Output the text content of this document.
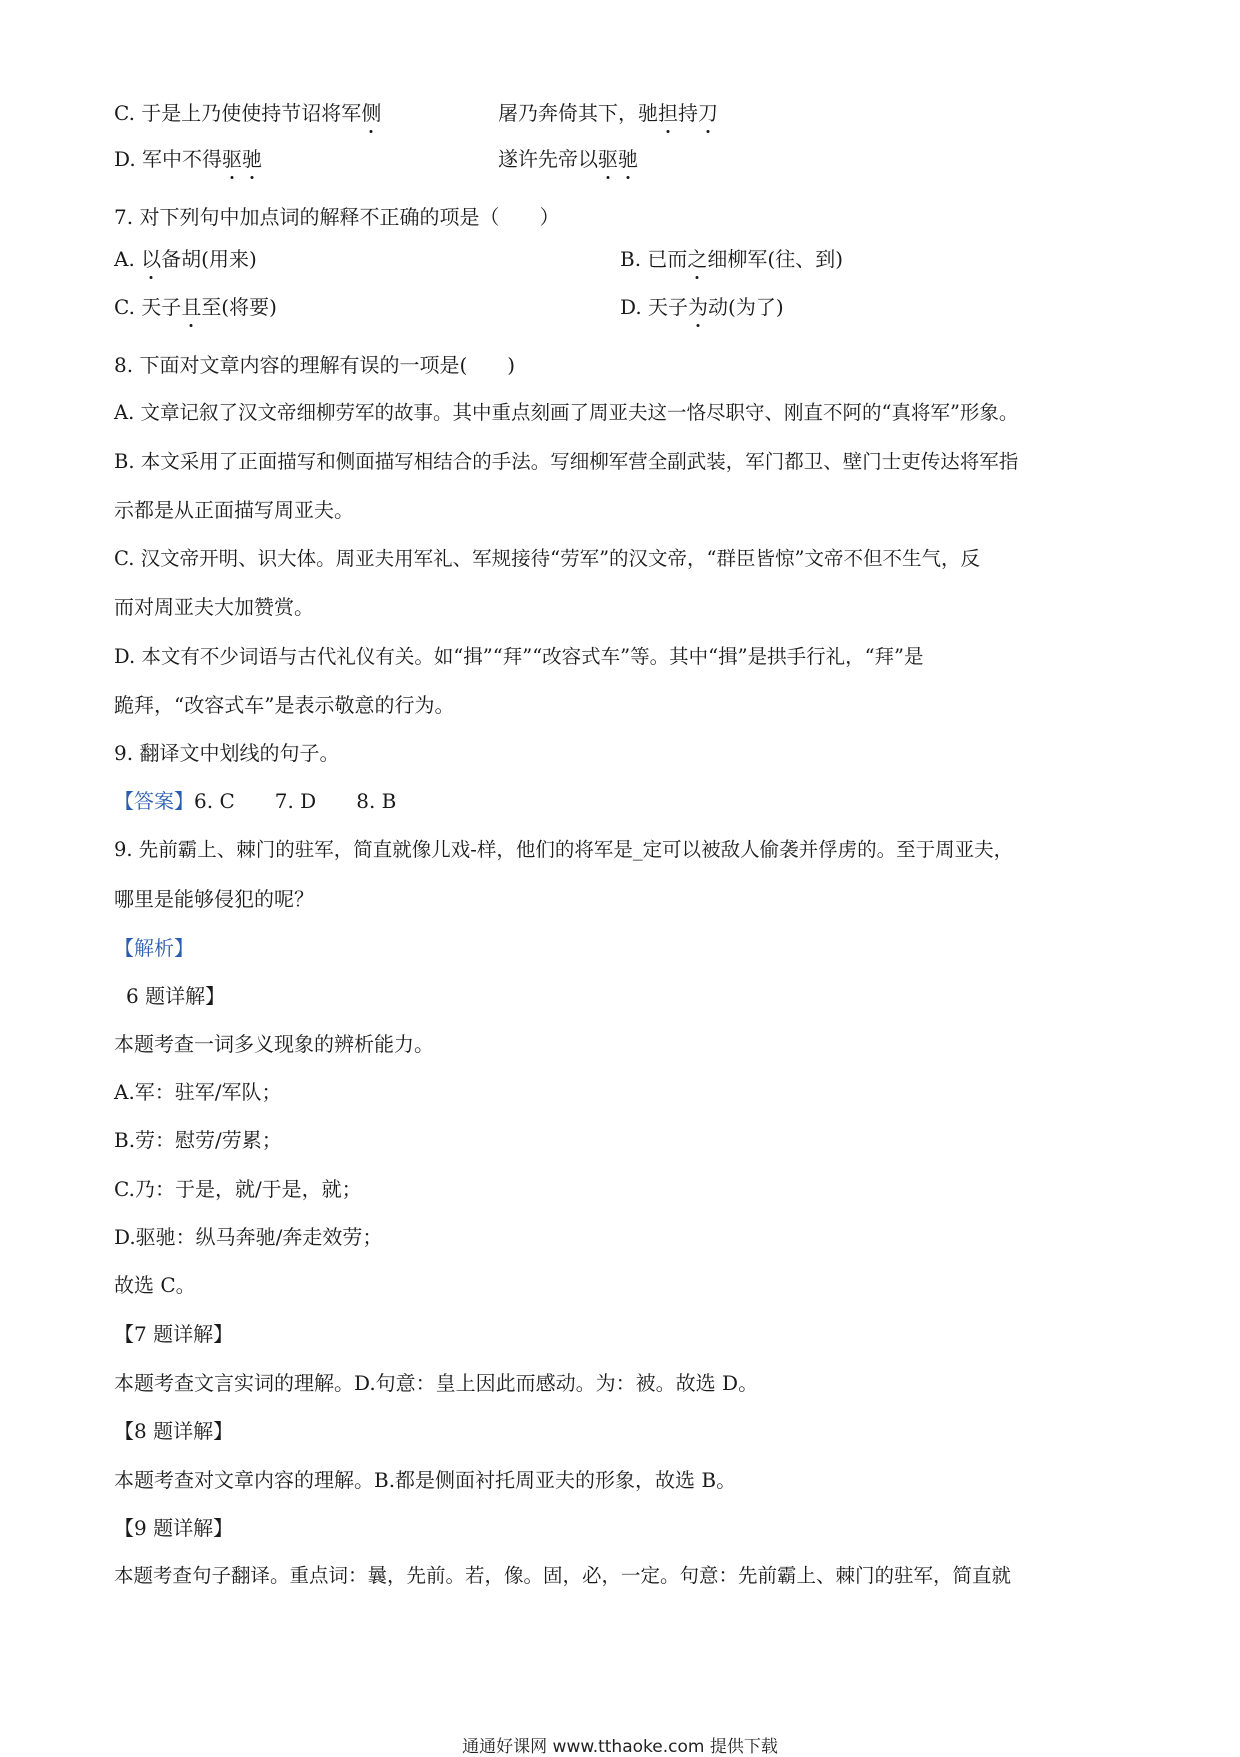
C. 于是上乃使使持节诏将军侧	屠乃奔倚其下，驰担持刀
D. 军中不得驱驰	遂许先帝以驱驰
7. 对下列句中加点词的解释不正确的项是（　　）
A. 以备胡(用来)	B. 已而之细柳军(往、到)
C. 天子且至(将要)	D. 天子为动(为了)
8. 下面对文章内容的理解有误的一项是(　　)
A. 文章记叙了汉文帝细柳劳军的故事。其中重点刻画了周亚夫这一恪尽职守、刚直不阿的“真将军”形象。
B. 本文采用了正面描写和侧面描写相结合的手法。写细柳军营全副武装，军门都卫、壁门士吏传达将军指
示都是从正面描写周亚夫。
C. 汉文帝开明、识大体。周亚夫用军礼、军规接待“劳军”的汉文帝，“群臣皆惊”文帝不但不生气，反
而对周亚夫大加赞赏。
D. 本文有不少词语与古代礼仪有关。如“揖”“拜”“改容式车”等。其中“揖”是拱手行礼，“拜”是
跪拜，“改容式车”是表示敬意的行为。
9. 翻译文中划线的句子。
【答案】6. C　　7. D　　8. B
9. 先前霸上、棘门的驻军，简直就像儿戏-样，他们的将军是_定可以被敌人偷袭并俘虏的。至于周亚夫，
哪里是能够侵犯的呢？
【解析】
6 题详解】
本题考查一词多义现象的辨析能力。
A.军：驻军/军队；
B.劳：慰劳/劳累；
C.乃：于是，就/于是，就；
D.驱驰：纵马奔驰/奔走效劳；
故选 C。
【7 题详解】
本题考查文言实词的理解。D.句意：皇上因此而感动。为：被。故选 D。
【8 题详解】
本题考查对文章内容的理解。B.都是侧面衬托周亚夫的形象，故选 B。
【9 题详解】
本题考查句子翻译。重点词：曩，先前。若，像。固，必，一定。句意：先前霸上、棘门的驻军，简直就
通通好课网 www.tthaoke.com 提供下载
